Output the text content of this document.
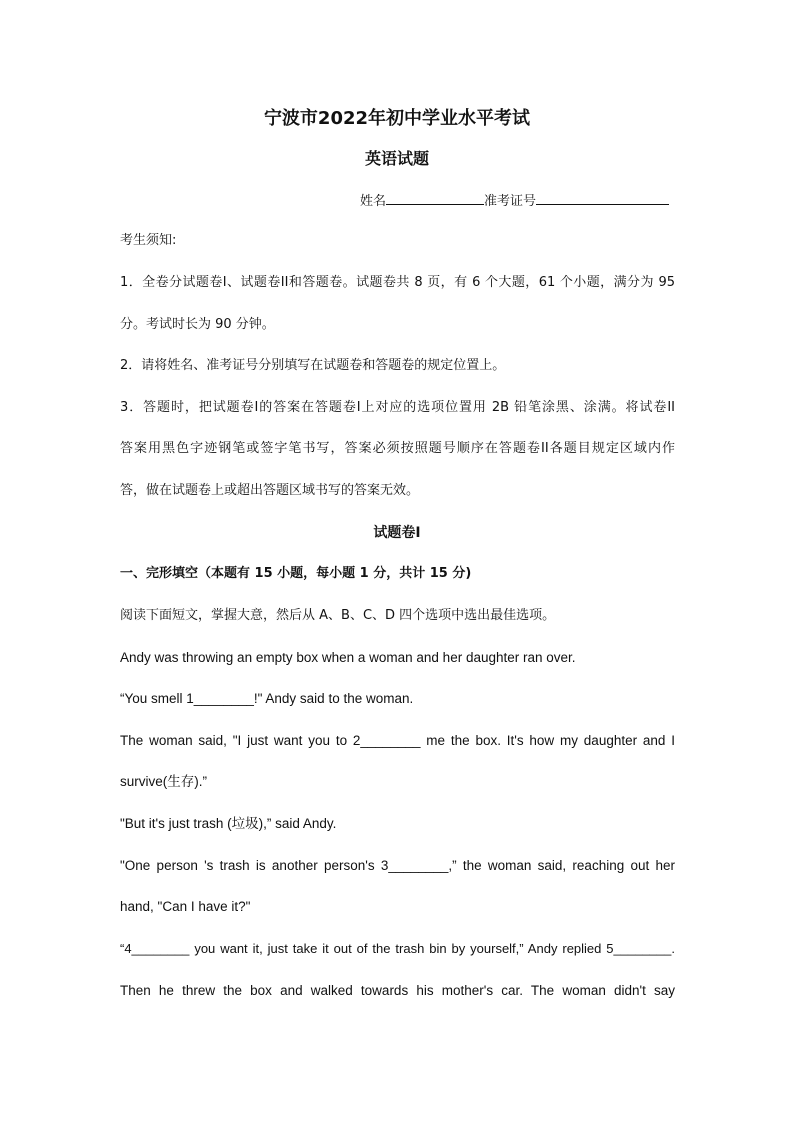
宁波市2022年初中学业水平考试
英语试题
姓名	准考证号
考生须知:
1．全卷分试题卷I、试题卷II和答题卷。试题卷共 8 页，有 6 个大题，61 个小题，满分为 95
分。考试时长为 90 分钟。
2．请将姓名、准考证号分别填写在试题卷和答题卷的规定位置上。
3．答题时，把试题卷I的答案在答题卷I上对应的选项位置用 2B 铅笔涂黑、涂满。将试卷II
答案用黑色字迹钢笔或签字笔书写，答案必须按照题号顺序在答题卷II各题目规定区域内作
答，做在试题卷上或超出答题区域书写的答案无效。
试题卷I
一、完形填空（本题有 15 小题，每小题 1 分，共计 15 分)
阅读下面短文，掌握大意，然后从 A、B、C、D 四个选项中选出最佳选项。
Andy was throwing an empty box when a woman and her daughter ran over.
“You smell 1________!" Andy said to the woman.
The woman said, "I just want you to 2________ me the box. It's how my daughter and I
survive(生存).”
"But it's just trash (垃圾),” said Andy.
"One person 's trash is another person's 3________,” the woman said, reaching out her
hand, "Can I have it?"
“4________ you want it, just take it out of the trash bin by yourself,” Andy replied 5________.
Then he threw the box and walked towards his mother's car. The woman didn't say
